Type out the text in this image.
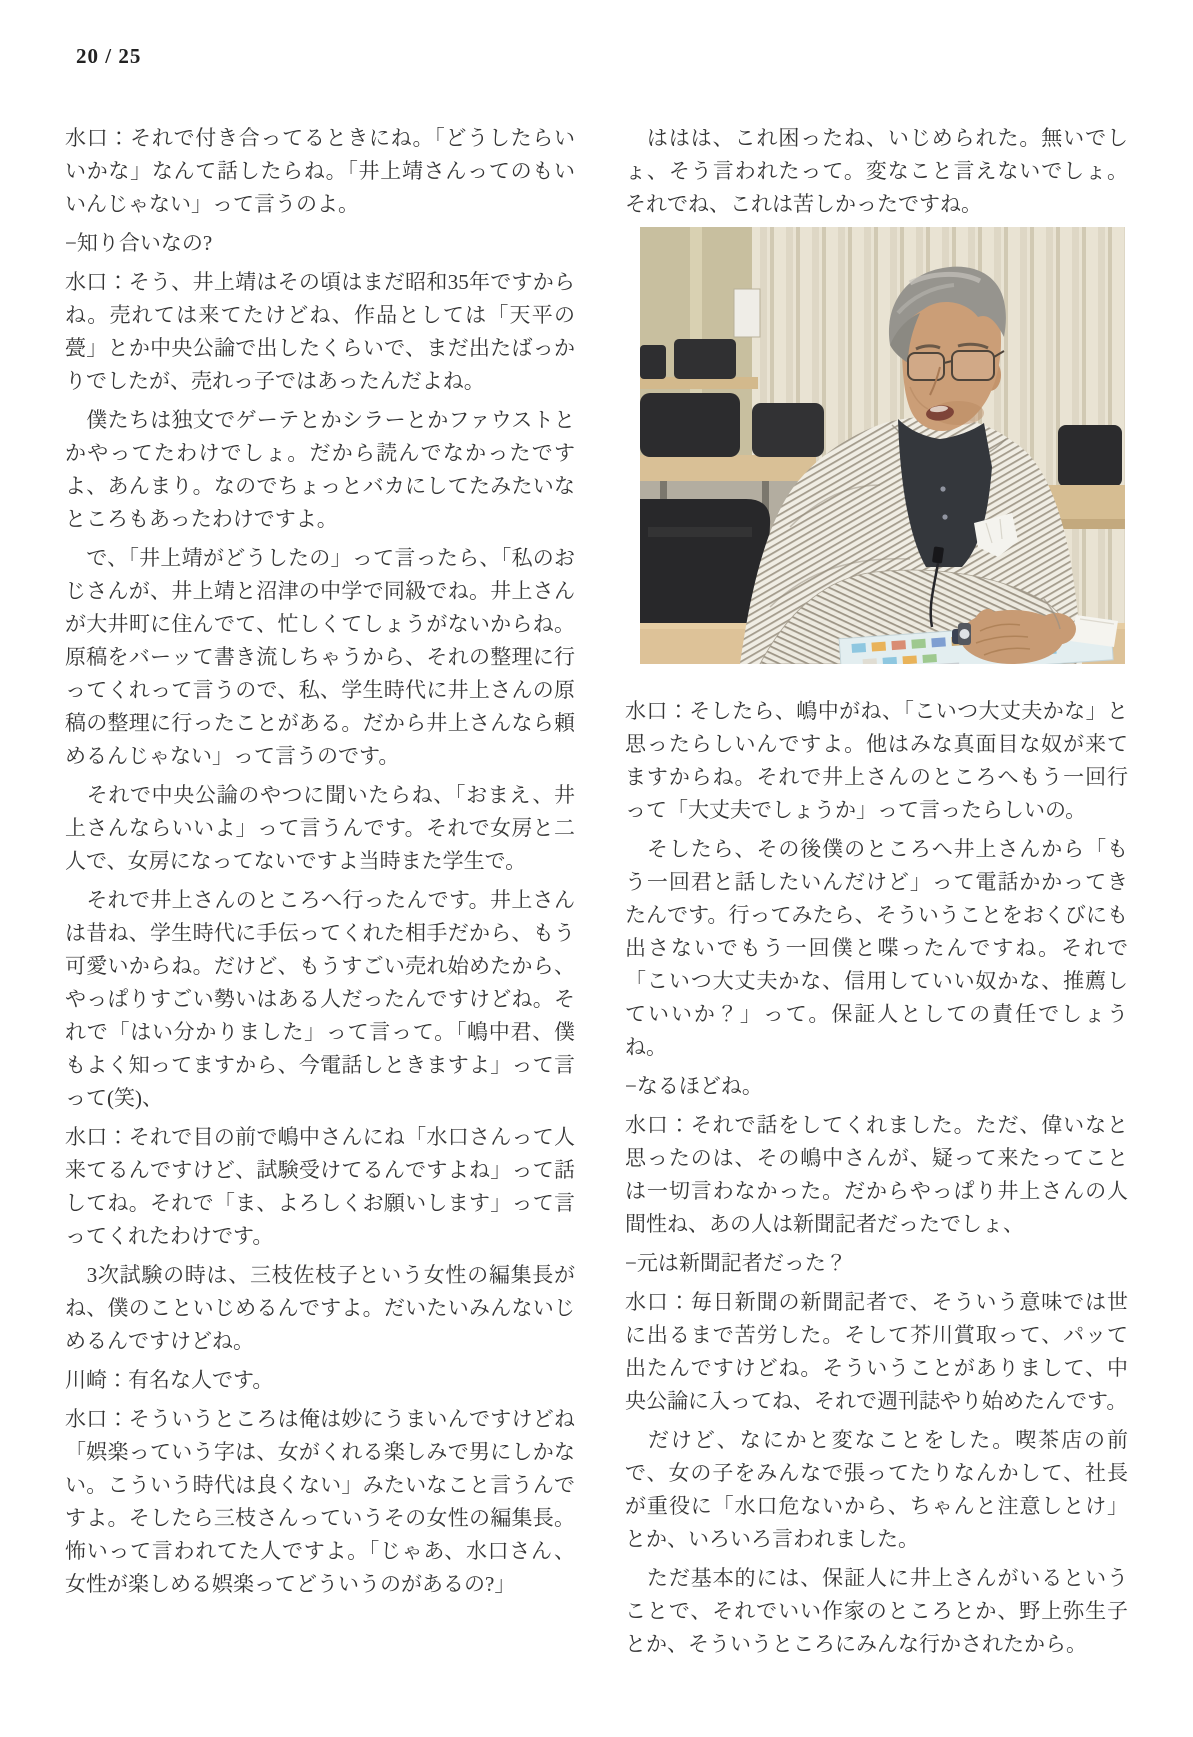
20 / 25

水口：それで付き合ってるときにね。「どうしたらいいかな」なんて話したらね。「井上靖さんってのもいいんじゃない」って言うのよ。

−知り合いなの?

水口：そう、井上靖はその頃はまだ昭和35年ですからね。売れては来てたけどね、作品としては「天平の甍」とか中央公論で出したくらいで、まだ出たばっかりでしたが、売れっ子ではあったんだよね。

　僕たちは独文でゲーテとかシラーとかファウストとかやってたわけでしょ。だから読んでなかったですよ、あんまり。なのでちょっとバカにしてたみたいなところもあったわけですよ。

　で、「井上靖がどうしたの」って言ったら、「私のおじさんが、井上靖と沼津の中学で同級でね。井上さんが大井町に住んでて、忙しくてしょうがないからね。原稿をバーッて書き流しちゃうから、それの整理に行ってくれって言うので、私、学生時代に井上さんの原稿の整理に行ったことがある。だから井上さんなら頼めるんじゃない」って言うのです。

　それで中央公論のやつに聞いたらね、「おまえ、井上さんならいいよ」って言うんです。それで女房と二人で、女房になってないですよ当時また学生で。

　それで井上さんのところへ行ったんです。井上さんは昔ね、学生時代に手伝ってくれた相手だから、もう可愛いからね。だけど、もうすごい売れ始めたから、やっぱりすごい勢いはある人だったんですけどね。それで「はい分かりました」って言って。「嶋中君、僕もよく知ってますから、今電話しときますよ」って言って(笑)、

水口：それで目の前で嶋中さんにね「水口さんって人来てるんですけど、試験受けてるんですよね」って話してね。それで「ま、よろしくお願いします」って言ってくれたわけです。

　3次試験の時は、三枝佐枝子という女性の編集長がね、僕のこといじめるんですよ。だいたいみんないじめるんですけどね。

川崎：有名な人です。

水口：そういうところは俺は妙にうまいんですけどね「娯楽っていう字は、女がくれる楽しみで男にしかない。こういう時代は良くない」みたいなこと言うんですよ。そしたら三枝さんっていうその女性の編集長。怖いって言われてた人ですよ。「じゃあ、水口さん、女性が楽しめる娯楽ってどういうのがあるの?」

　ははは、これ困ったね、いじめられた。無いでしょ、そう言われたって。変なこと言えないでしょ。それでね、これは苦しかったですね。

水口：そしたら、嶋中がね、「こいつ大丈夫かな」と思ったらしいんですよ。他はみな真面目な奴が来てますからね。それで井上さんのところへもう一回行って「大丈夫でしょうか」って言ったらしいの。

　そしたら、その後僕のところへ井上さんから「もう一回君と話したいんだけど」って電話かかってきたんです。行ってみたら、そういうことをおくびにも出さないでもう一回僕と喋ったんですね。それで「こいつ大丈夫かな、信用していい奴かな、推薦していいか？」って。保証人としての責任でしょうね。

−なるほどね。

水口：それで話をしてくれました。ただ、偉いなと思ったのは、その嶋中さんが、疑って来たってことは一切言わなかった。だからやっぱり井上さんの人間性ね、あの人は新聞記者だったでしょ、

−元は新聞記者だった？

水口：毎日新聞の新聞記者で、そういう意味では世に出るまで苦労した。そして芥川賞取って、パッて出たんですけどね。そういうことがありまして、中央公論に入ってね、それで週刊誌やり始めたんです。

　だけど、なにかと変なことをした。喫茶店の前で、女の子をみんなで張ってたりなんかして、社長が重役に「水口危ないから、ちゃんと注意しとけ」とか、いろいろ言われました。

　ただ基本的には、保証人に井上さんがいるということで、それでいい作家のところとか、野上弥生子とか、そういうところにみんな行かされたから。
